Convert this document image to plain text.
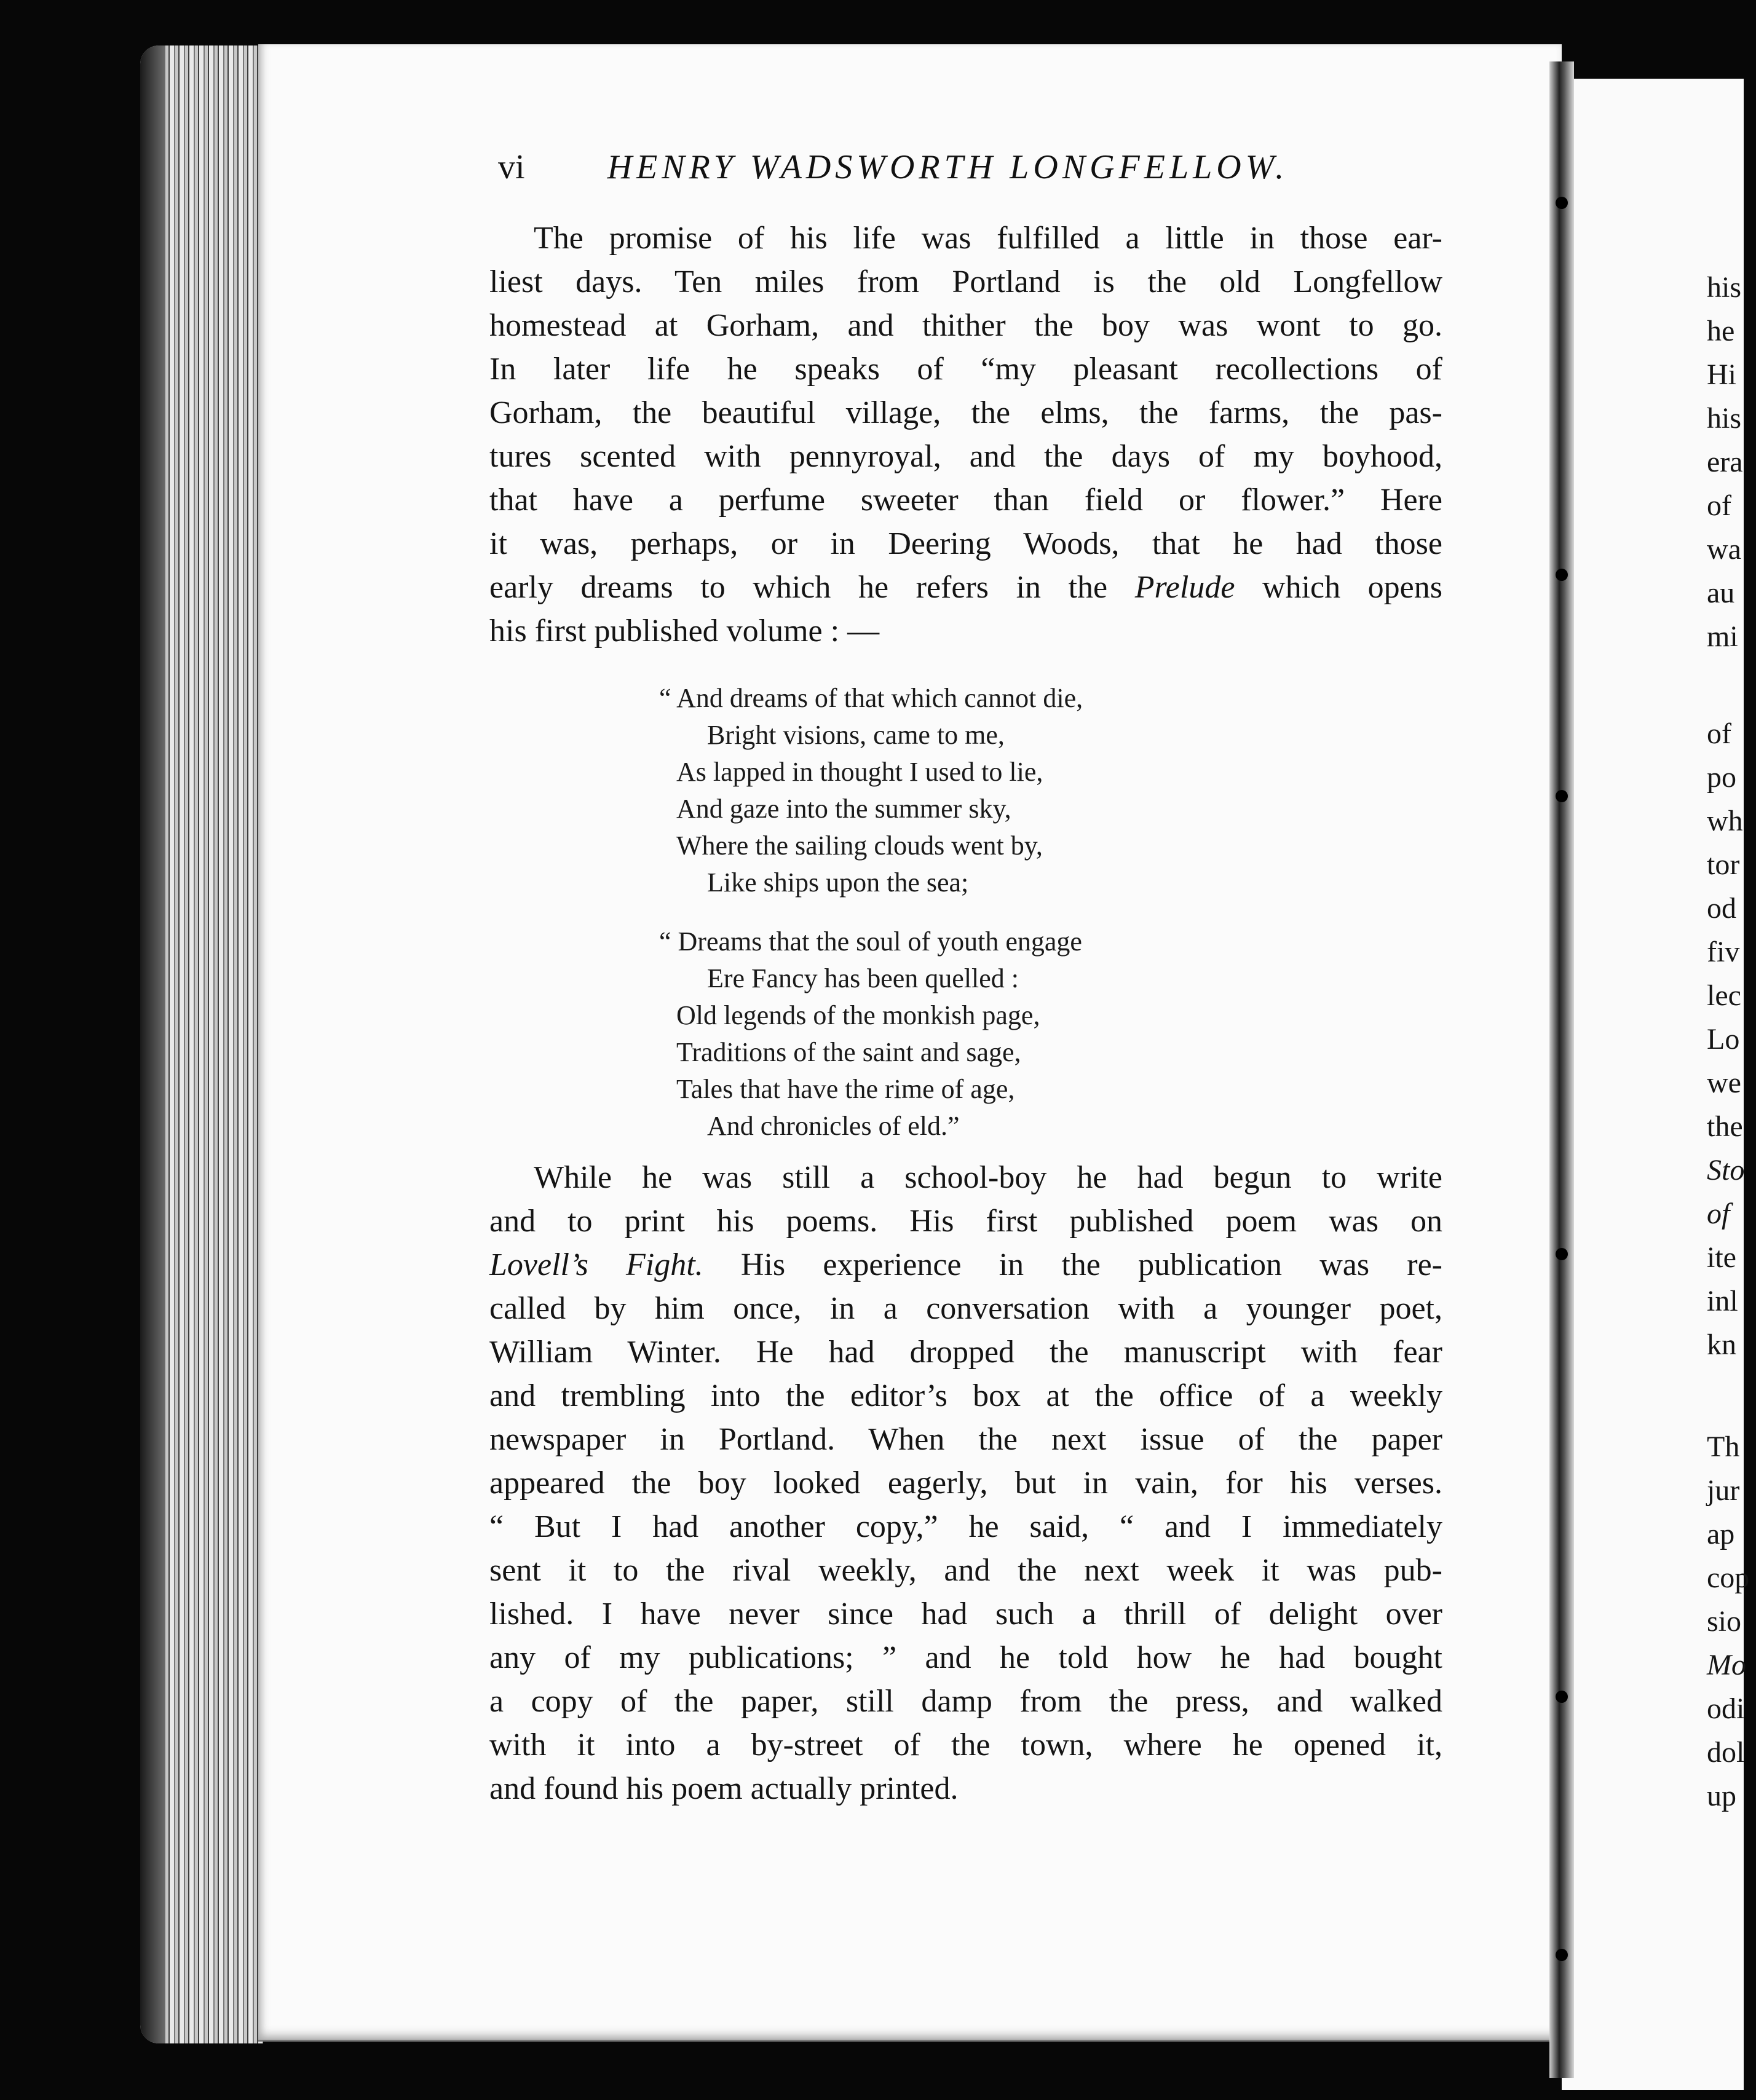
vi HENRY WADSWORTH LONGFELLOW.
The promise of his life was fulfilled a little in those ear-
liest days. Ten miles from Portland is the old Longfellow
homestead at Gorham, and thither the boy was wont to go.
In later life he speaks of “my pleasant recollections of
Gorham, the beautiful village, the elms, the farms, the pas-
tures scented with pennyroyal, and the days of my boyhood,
that have a perfume sweeter than field or flower.” Here
it was, perhaps, or in Deering Woods, that he had those
early dreams to which he refers in the Prelude which opens
his first published volume : —
“ And dreams of that which cannot die,
Bright visions, came to me,
As lapped in thought I used to lie,
And gaze into the summer sky,
Where the sailing clouds went by,
Like ships upon the sea;
“ Dreams that the soul of youth engage
Ere Fancy has been quelled :
Old legends of the monkish page,
Traditions of the saint and sage,
Tales that have the rime of age,
And chronicles of eld.”
While he was still a school-boy he had begun to write
and to print his poems. His first published poem was on
Lovell’s Fight. His experience in the publication was re-
called by him once, in a conversation with a younger poet,
William Winter. He had dropped the manuscript with fear
and trembling into the editor’s box at the office of a weekly
newspaper in Portland. When the next issue of the paper
appeared the boy looked eagerly, but in vain, for his verses.
“ But I had another copy,” he said, “ and I immediately
sent it to the rival weekly, and the next week it was pub-
lished. I have never since had such a thrill of delight over
any of my publications; ” and he told how he had bought
a copy of the paper, still damp from the press, and walked
with it into a by-street of the town, where he opened it,
and found his poem actually printed.
his
he
Hi
his
era
of
wa
au
mi
of
po
wh
tor
od
fiv
lec
Lo
we
the
Sto
of
ite
inl
kn
Th
jur
ap
cop
sio
Mo
odi
dol
up
